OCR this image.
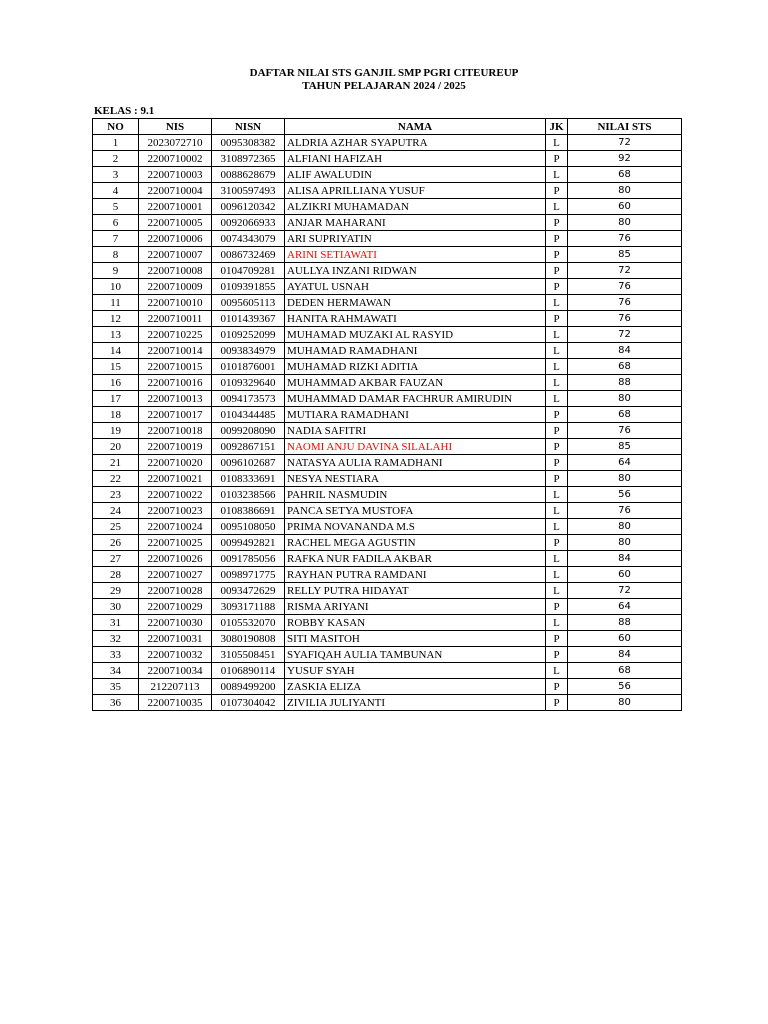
DAFTAR NILAI STS GANJIL SMP PGRI CITEUREUP
TAHUN PELAJARAN 2024 / 2025
KELAS : 9.1
NO	NIS	NISN	NAMA	JK	NILAI STS
1	2023072710	0095308382	ALDRIA AZHAR SYAPUTRA	L	72
2	2200710002	3108972365	ALFIANI HAFIZAH	P	92
3	2200710003	0088628679	ALIF AWALUDIN	L	68
4	2200710004	3100597493	ALISA APRILLIANA YUSUF	P	80
5	2200710001	0096120342	ALZIKRI MUHAMADAN	L	60
6	2200710005	0092066933	ANJAR MAHARANI	P	80
7	2200710006	0074343079	ARI SUPRIYATIN	P	76
8	2200710007	0086732469	ARINI SETIAWATI	P	85
9	2200710008	0104709281	AULLYA INZANI RIDWAN	P	72
10	2200710009	0109391855	AYATUL USNAH	P	76
11	2200710010	0095605113	DEDEN HERMAWAN	L	76
12	2200710011	0101439367	HANITA RAHMAWATI	P	76
13	2200710225	0109252099	MUHAMAD MUZAKI AL RASYID	L	72
14	2200710014	0093834979	MUHAMAD RAMADHANI	L	84
15	2200710015	0101876001	MUHAMAD RIZKI ADITIA	L	68
16	2200710016	0109329640	MUHAMMAD AKBAR FAUZAN	L	88
17	2200710013	0094173573	MUHAMMAD DAMAR FACHRUR AMIRUDIN	L	80
18	2200710017	0104344485	MUTIARA RAMADHANI	P	68
19	2200710018	0099208090	NADIA SAFITRI	P	76
20	2200710019	0092867151	NAOMI ANJU DAVINA SILALAHI	P	85
21	2200710020	0096102687	NATASYA AULIA RAMADHANI	P	64
22	2200710021	0108333691	NESYA NESTIARA	P	80
23	2200710022	0103238566	PAHRIL NASMUDIN	L	56
24	2200710023	0108386691	PANCA SETYA MUSTOFA	L	76
25	2200710024	0095108050	PRIMA NOVANANDA M.S	L	80
26	2200710025	0099492821	RACHEL MEGA AGUSTIN	P	80
27	2200710026	0091785056	RAFKA NUR FADILA AKBAR	L	84
28	2200710027	0098971775	RAYHAN PUTRA RAMDANI	L	60
29	2200710028	0093472629	RELLY PUTRA HIDAYAT	L	72
30	2200710029	3093171188	RISMA ARIYANI	P	64
31	2200710030	0105532070	ROBBY KASAN	L	88
32	2200710031	3080190808	SITI MASITOH	P	60
33	2200710032	3105508451	SYAFIQAH AULIA TAMBUNAN	P	84
34	2200710034	0106890114	YUSUF SYAH	L	68
35	212207113	0089499200	ZASKIA ELIZA	P	56
36	2200710035	0107304042	ZIVILIA JULIYANTI	P	80
